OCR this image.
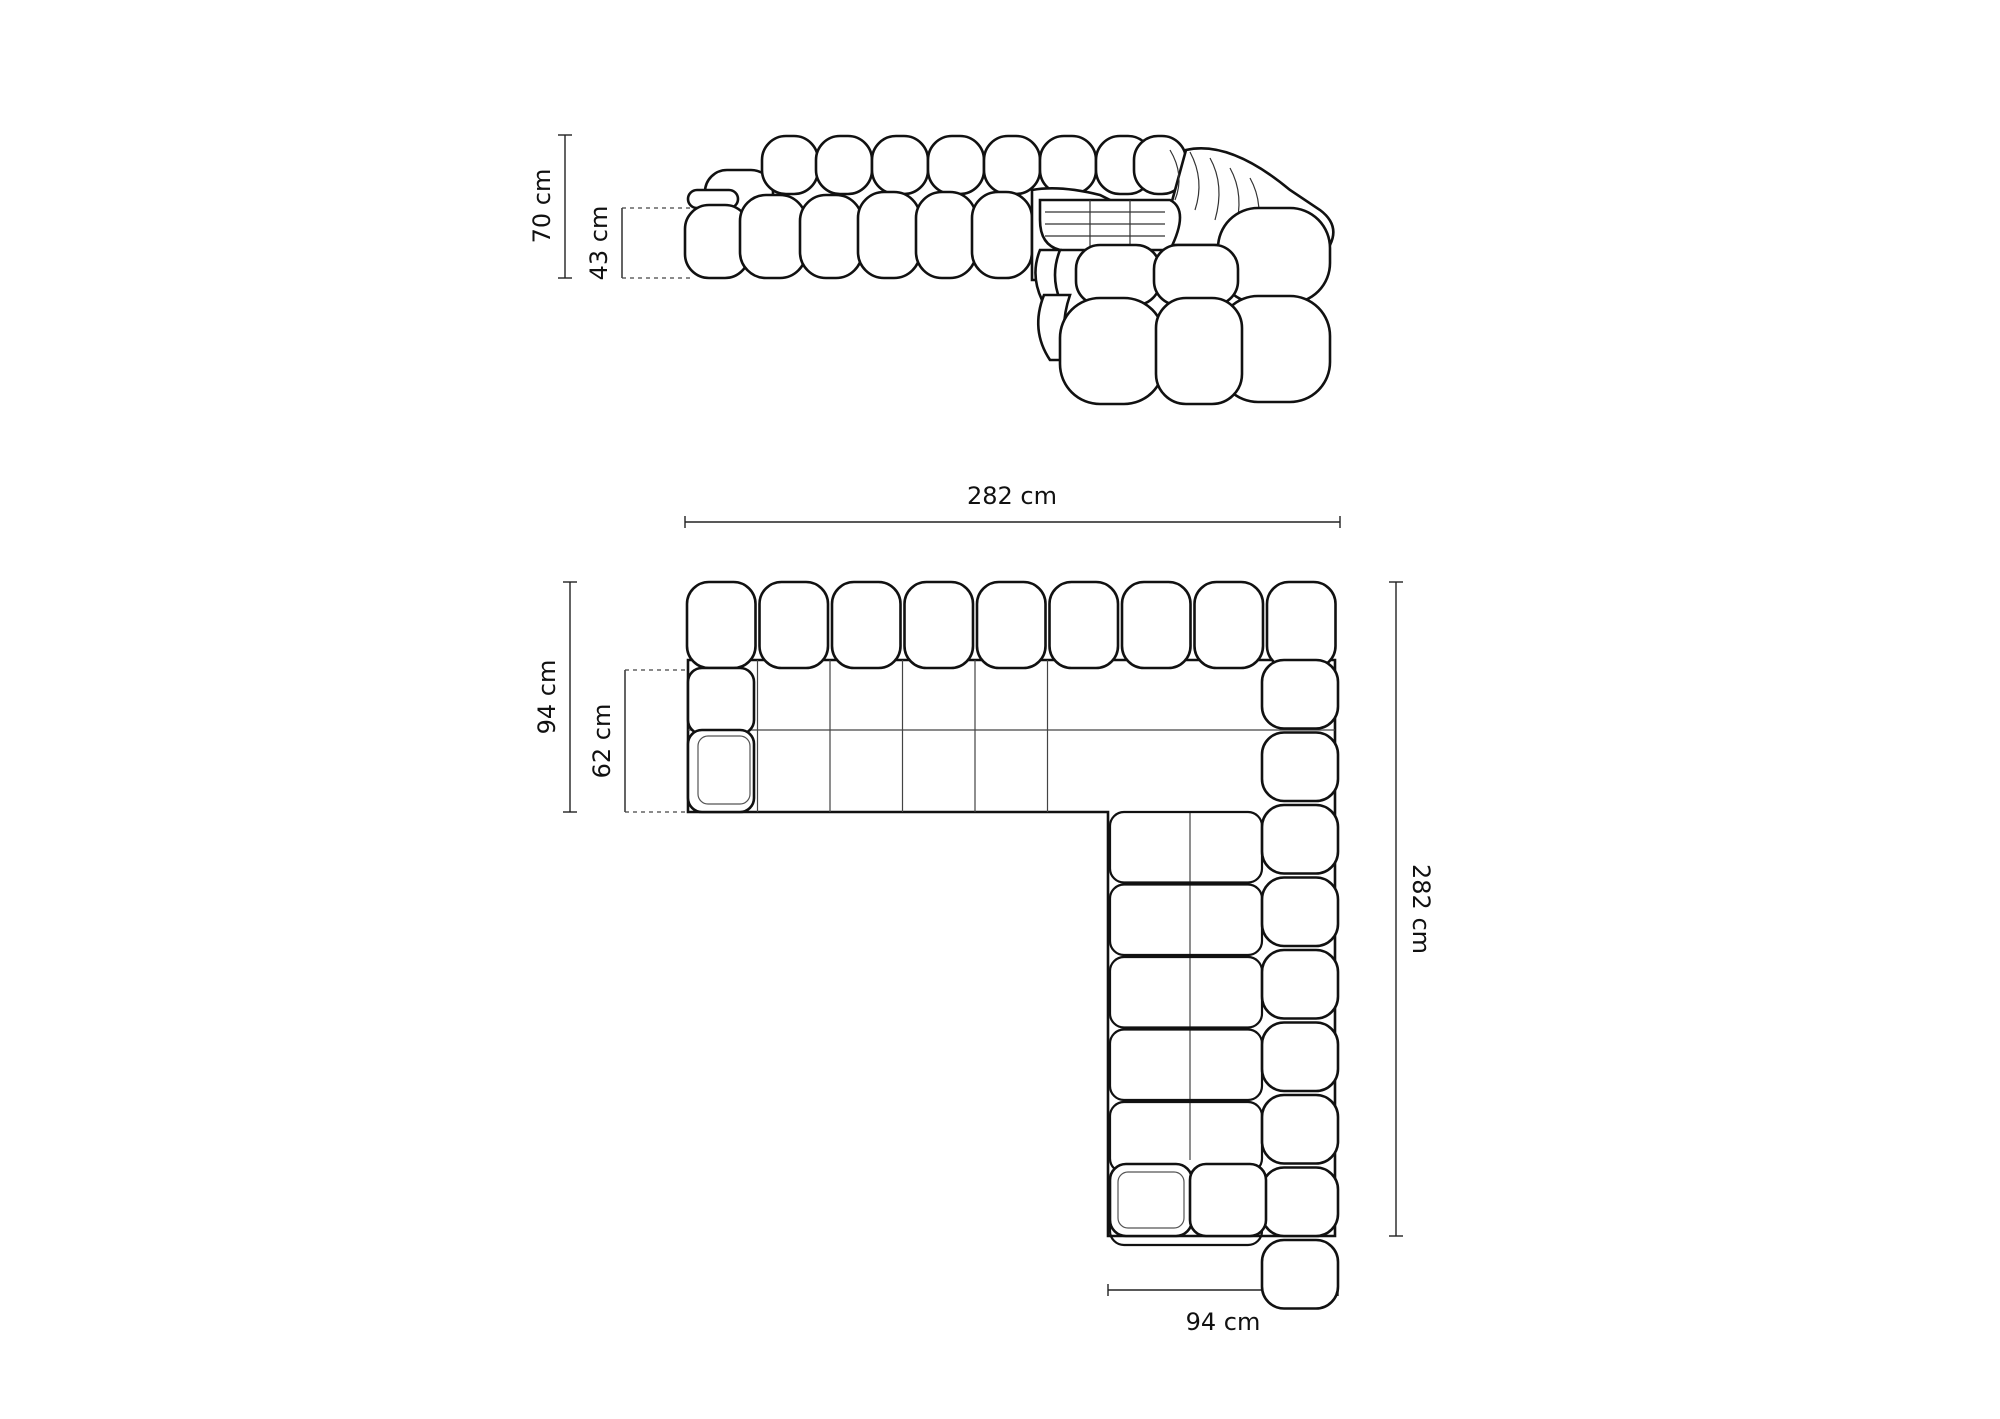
70 cm 43 cm
282 cm
94 cm
62 cm
282 cm
94 cm
